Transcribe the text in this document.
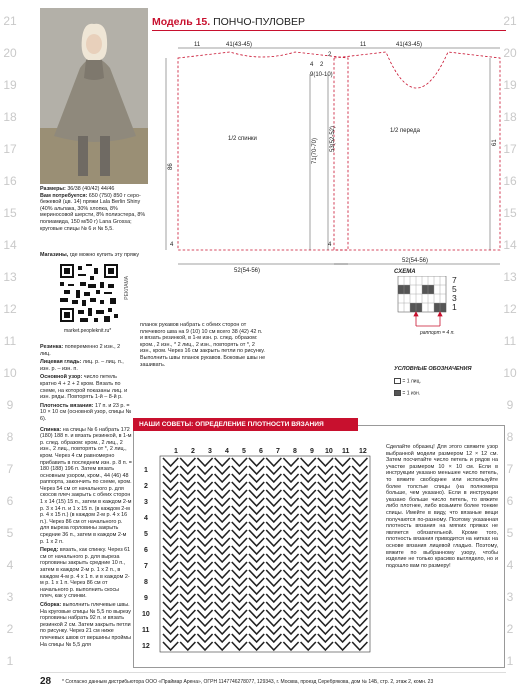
21
20
19
18
17
16
15
14
13
12
11
10
9
8
7
6
5
4
3
2
1
21
20
19
18
17
16
15
14
13
12
11
10
9
8
7
6
5
4
3
2
1
Размеры: 36/38 (40/42) 44/46
Вам потребуется: 650 (750) 850 г серо-бежевой (цв. 14) пряжи Lala Berlin Shiny (40% альпака, 30% хлопка, 8% мериносовой шерсти, 8% полиэстера, 8% полиамида, 150 м/50 г) Lana Grossa; круговые спицы № 6 и № 5,5.
Магазины, где можно купить эту пряжу
РЕКЛАМА
market.peopleknit.ru*

Резинка: попеременно 2 изн., 2 лиц.

Лицевая гладь: лиц. р. – лиц. п., изн. р. – изн. п.

Основной узор: число петель кратно 4 + 2 + 2 кром. Вязать по схеме, на которой показаны лиц. и изн. ряды. Повторять 1-й – 8-й р.

Плотность вязания: 17 п. и 23 р. = 10 × 10 см (основной узор, спицы № 6).

Спинка: на спицы № 6 набрать 172 (180) 188 п. и вязать резинкой, в 1-м р. след. образом: кром., 2 лиц., 2 изн., 2 лиц., повторять от *, 2 лиц., кром. Через 4 см равномерно прибавить в последнем изн. р. 8 п. = 180 (188) 196 п. Затем вязать основным узором, кром., 44 (46) 48 раппорта, закончить по схеме, кром. Через 54 см от начального р. для скосов плеч закрыть с обеих сторон 1 х 14 (15) 15 п., затем в каждом 2-м р. 3 х 14 п. и 1 х 15 п. (в каждом 2-м р. 4 х 15 п.) (в каждом 2-м р. 4 х 16 п.). Через 86 см от начального р. для выреза горловины закрыть средние 36 п., затем в каждом 2-м р. 1 х 2 п.

Перед: вязать, как спинку. Через 61 см от начального р. для выреза горловины закрыть средние 10 п., затем в каждом 2-м р. 1 х 2 п., в каждом 4-м р. 4 х 1 п. и в каждом 2-м р. 1 х 1 п. Через 86 см от начального р. выполнить скосы плеч, как у спинки.

Сборка: выполнить плечевые швы. На круговые спицы № 5,5 по вырезу горловины набрать 92 п. и вязать резинкой 2 см. Затем закрыть петли по рисунку. Через 21 см ниже плечевых швов от вершины проймы На спицы № 5,5 для

планок рукавов набрать с обеих сторон от плечевого шва на 9 (10) 10 см всего 38 (42) 42 п. и вязать резинкой, в 1-м изн. р. след. образом: кром., 2 изн., * 2 лиц., 2 изн., повторять от *, 2 изн., кром. Через 16 см закрыть петли по рисунку. Выполнить швы планок рукавов. Боковые швы не зашивать.
Модель 15. ПОНЧО-ПУЛОВЕР
11	41(43-45)	11	41(43-45)
9(10-10)
4 2
2
1/2 спинки
1/2 переда
52(54-56)
52(54-56)
4
4
86
71(70-70) 53(52-52)	61
СХЕМА
7
5
3
1
раппорт = 4 п.
УСЛОВНЫЕ ОБОЗНАЧЕНИЯ
= 1 лиц.
= 1 изн.
НАШИ СОВЕТЫ: ОПРЕДЕЛЕНИЕ ПЛОТНОСТИ ВЯЗАНИЯ
1 2 3 4 5 6 7 8 9 10 11 12
1
2
3
4
5
6
7
8
9
10
11
12
Сделайте образец! Для этого свяжите узор выбранной модели размером 12 × 12 см. Затем посчитайте число петель и рядов на участке размером 10 × 10 см. Если в инструкции указано меньшее число петель, то вяжите свободнее или используйте более толстые спицы (на полномера больше, чем указано). Если в инструкции указано больше число петель, то вяжите либо плотнее, либо возьмите более тонкие спицы. Имейте в виду, что вязаные вещи получаются по-разному. Поэтому указанная плотность вязания на мягких пряжах не является обязательной. Кроме того, плотность вязания приводится на нитках на основе вязания лицевой гладью. Поэтому, вяжите по выбранному узору, чтобы изделие не только красиво выглядело, но и подошло вам по размеру!
28 * Согласно данным дистрибьютора ООО «Праймар Арена», ОГРН 1147746278077, 129343, г. Москва, проезд Серебрякова, дом № 14Б, стр. 2, этаж 2, комн. 23
